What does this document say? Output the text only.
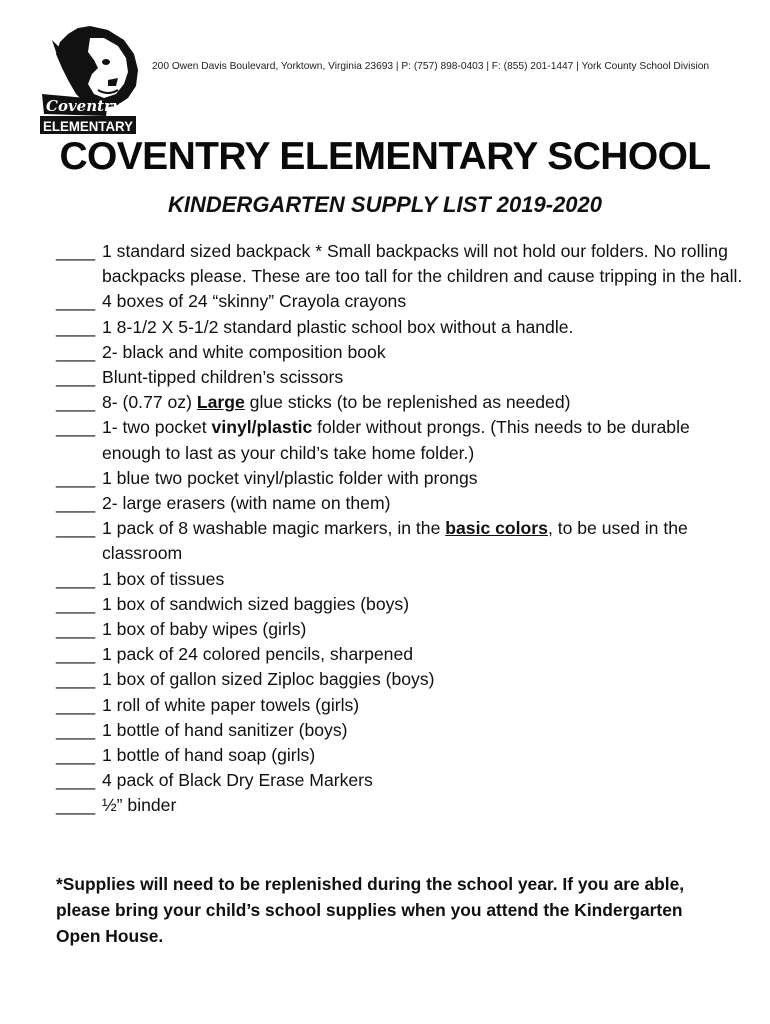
Coventry
ELEMENTARY
200 Owen Davis Boulevard, Yorktown, Virginia 23693 | P: (757) 898-0403 | F: (855) 201-1447 | York County School Division
COVENTRY ELEMENTARY SCHOOL
KINDERGARTEN SUPPLY LIST 2019-2020
____ 1 standard sized backpack * Small backpacks will not hold our folders. No rolling backpacks please. These are too tall for the children and cause tripping in the hall.
____ 4 boxes of 24 “skinny” Crayola crayons
____ 1 8-1/2 X 5-1/2 standard plastic school box without a handle.
____ 2- black and white composition book
____ Blunt-tipped children’s scissors
____ 8- (0.77 oz) Large glue sticks (to be replenished as needed)
____ 1- two pocket vinyl/plastic folder without prongs. (This needs to be durable enough to last as your child’s take home folder.)
____ 1 blue two pocket vinyl/plastic folder with prongs
____ 2- large erasers (with name on them)
____ 1 pack of 8 washable magic markers, in the basic colors, to be used in the classroom
____ 1 box of tissues
____ 1 box of sandwich sized baggies (boys)
____ 1 box of baby wipes (girls)
____ 1 pack of 24 colored pencils, sharpened
____ 1 box of gallon sized Ziploc baggies (boys)
____ 1 roll of white paper towels (girls)
____ 1 bottle of hand sanitizer (boys)
____ 1 bottle of hand soap (girls)
____ 4 pack of Black Dry Erase Markers
____ ½” binder
*Supplies will need to be replenished during the school year. If you are able, please bring your child’s school supplies when you attend the Kindergarten Open House.
